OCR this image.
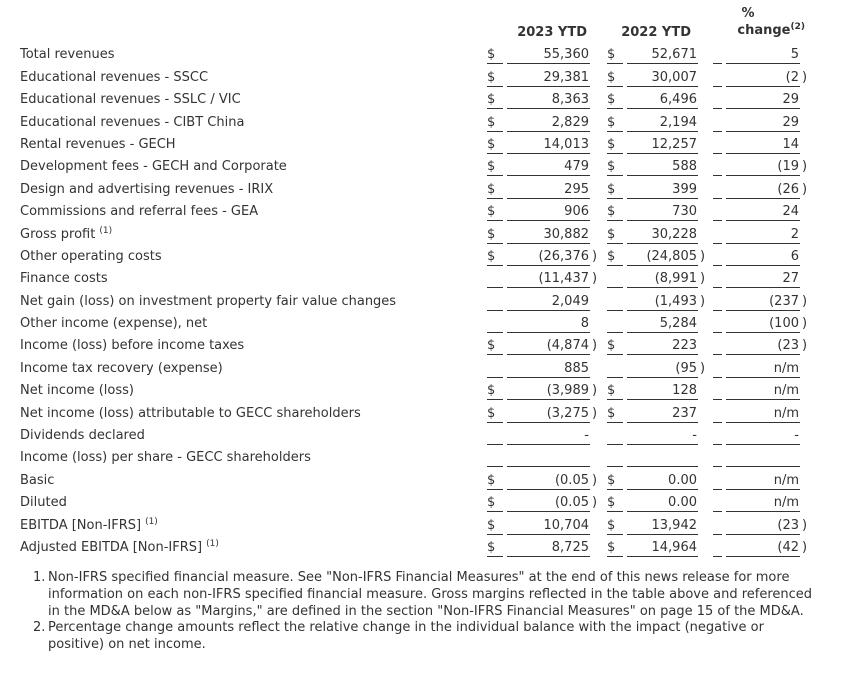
2023 YTD	2022 YTD
%
change$^{(2)}$
Total revenues	$	55,360 $	52,671	5
Educational revenues - SSCC	$	29,381 $	30,007	(2 )
Educational revenues - SSLC / VIC	$	8,363 $	6,496	29
Educational revenues - CIBT China	$	2,829 $	2,194	29
Rental revenues - GECH	$	14,013 $	12,257	14
Development fees - GECH and Corporate	$	479 $	588	(19 )
Design and advertising revenues - IRIX	$	295 $	399	(26 )
Commissions and referral fees - GEA	$	906 $	730	24
Gross profit $^{(1)}$	$	30,882 $	30,228	2
Other operating costs	$	(26,376 ) $	(24,805 )	6
Finance costs	(11,437 )	(8,991 )	27
Net gain (loss) on investment property fair value changes	2,049	(1,493 )	(237 )
Other income (expense), net	8	5,284	(100 )
Income (loss) before income taxes	$	(4,874 ) $	223	(23 )
Income tax recovery (expense)	885	(95 )	n/m
Net income (loss)	$	(3,989 ) $	128	n/m
Net income (loss) attributable to GECC shareholders	$	(3,275 ) $	237	n/m
Dividends declared	-	-	-
Income (loss) per share - GECC shareholders
Basic	$	(0.05 ) $	0.00	n/m
Diluted	$	(0.05 ) $	0.00	n/m
EBITDA [Non-IFRS] $^{(1)}$	$	10,704 $	13,942	(23 )
Adjusted EBITDA [Non-IFRS] $^{(1)}$	$	8,725 $	14,964	(42 )
1. Non-IFRS specified financial measure. See "Non-IFRS Financial Measures" at the end of this news release for more information on each non-IFRS specified financial measure. Gross margins reflected in the table above and referenced in the MD&A below as "Margins," are defined in the section "Non-IFRS Financial Measures" on page 15 of the MD&A.
2. Percentage change amounts reflect the relative change in the individual balance with the impact (negative or positive) on net income.
